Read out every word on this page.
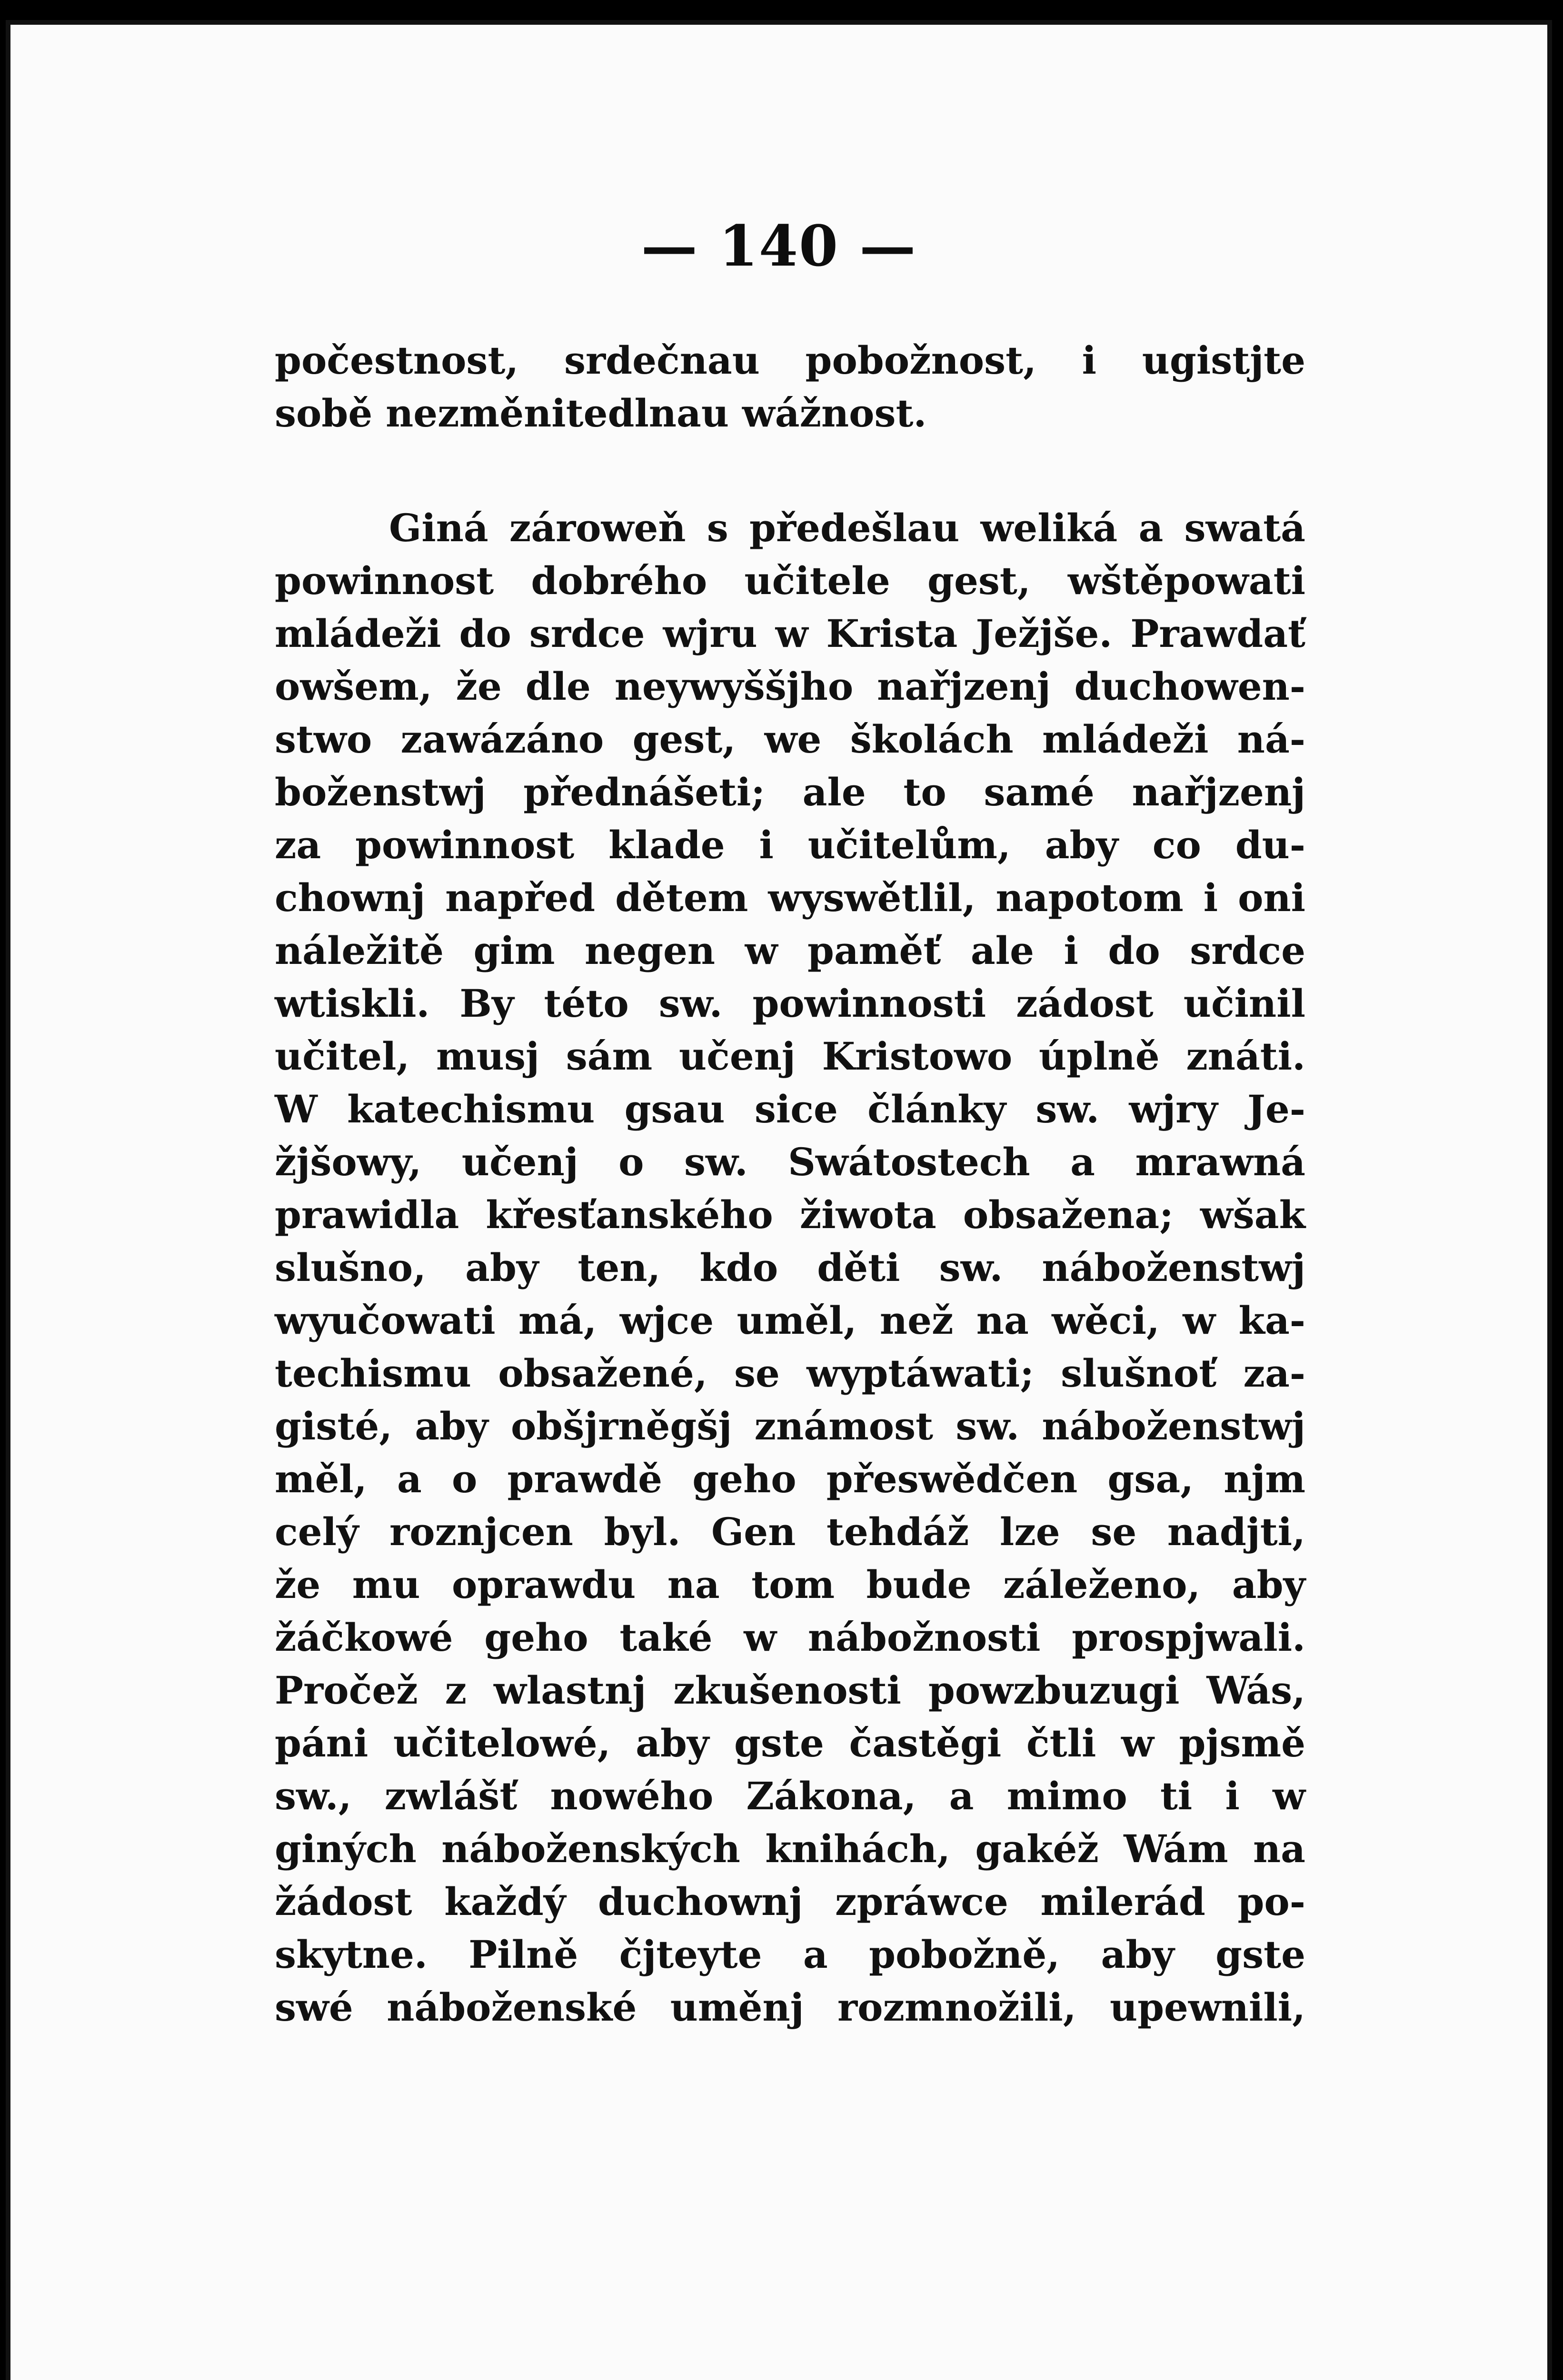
— 140 —
počestnost, srdečnau pobožnost, i ugistjte
sobě nezměnitedlnau wážnost.
Giná zároweň s předešlau weliká a swatá
powinnost dobrého učitele gest, wštěpowati
mládeži do srdce wjru w Krista Ježjše. Prawdať
owšem, že dle neywyššjho nařjzenj duchowen-
stwo zawázáno gest, we školách mládeži ná-
boženstwj přednášeti; ale to samé nařjzenj
za powinnost klade i učitelům, aby co du-
chownj napřed dětem wyswětlil, napotom i oni
náležitě gim negen w paměť ale i do srdce
wtiskli. By této sw. powinnosti zádost učinil
učitel, musj sám učenj Kristowo úplně znáti.
W katechismu gsau sice články sw. wjry Je-
žjšowy, učenj o sw. Swátostech a mrawná
prawidla křesťanského žiwota obsažena; wšak
slušno, aby ten, kdo děti sw. náboženstwj
wyučowati má, wjce uměl, než na wěci, w ka-
techismu obsažené, se wyptáwati; slušnoť za-
gisté, aby obšjrněgšj známost sw. náboženstwj
měl, a o prawdě geho přeswědčen gsa, njm
celý roznjcen byl. Gen tehdáž lze se nadjti,
že mu oprawdu na tom bude záleženo, aby
žáčkowé geho také w nábožnosti prospjwali.
Pročež z wlastnj zkušenosti powzbuzugi Wás,
páni učitelowé, aby gste častěgi čtli w pjsmě
sw., zwlášť nowého Zákona, a mimo ti i w
giných náboženských knihách, gakéž Wám na
žádost každý duchownj zpráwce milerád po-
skytne. Pilně čjteyte a pobožně, aby gste
swé náboženské uměnj rozmnožili, upewnili,
